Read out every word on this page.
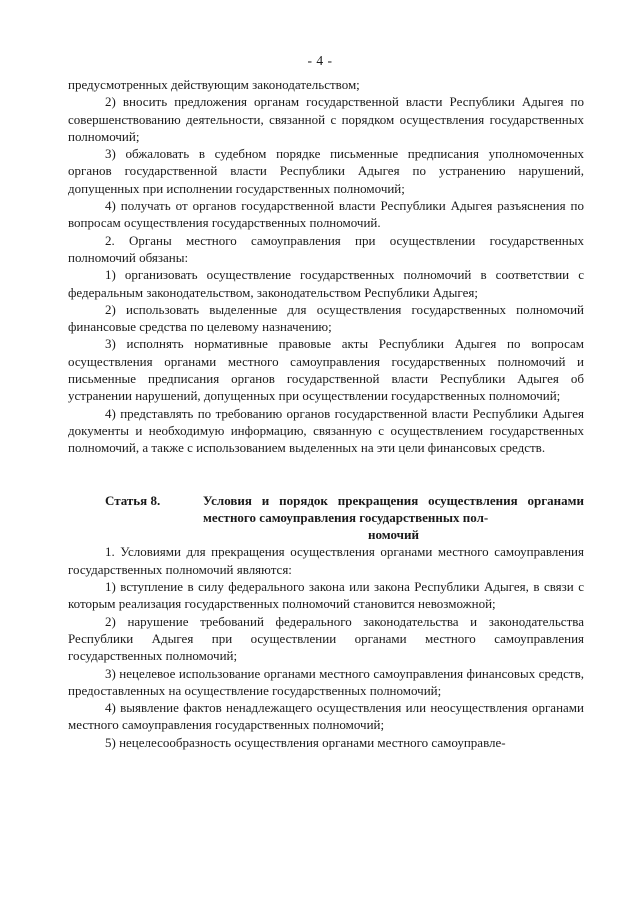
- 4 -

предусмотренных действующим законодательством;

2) вносить предложения органам государственной власти Республики Адыгея по совершенствованию деятельности, связанной с порядком осуществления государственных полномочий;

3) обжаловать в судебном порядке письменные предписания уполномоченных органов государственной власти Республики Адыгея по устранению нарушений, допущенных при исполнении государственных полномочий;

4) получать от органов государственной власти Республики Адыгея разъяснения по вопросам осуществления государственных полномочий.

2. Органы местного самоуправления при осуществлении государственных полномочий обязаны:

1) организовать осуществление государственных полномочий в соответствии с федеральным законодательством, законодательством Республики Адыгея;

2) использовать выделенные для осуществления государственных полномочий финансовые средства по целевому назначению;

3) исполнять нормативные правовые акты Республики Адыгея по вопросам осуществления органами местного самоуправления государственных полномочий и письменные предписания органов государственной власти Республики Адыгея об устранении нарушений, допущенных при осуществлении государственных полномочий;

4) представлять по требованию органов государственной власти Республики Адыгея документы и необходимую информацию, связанную с осуществлением государственных полномочий, а также с использованием выделенных на эти цели финансовых средств.

Статья 8.	Условия и порядок прекращения осуществления органами местного самоуправления государственных пол-
номочий

1. Условиями для прекращения осуществления органами местного самоуправления государственных полномочий являются:

1) вступление в силу федерального закона или закона Республики Адыгея, в связи с которым реализация государственных полномочий становится невозможной;

2) нарушение требований федерального законодательства и законодательства Республики Адыгея при осуществлении органами местного самоуправления государственных полномочий;

3) нецелевое использование органами местного самоуправления финансовых средств, предоставленных на осуществление государственных полномочий;

4) выявление фактов ненадлежащего осуществления или неосуществления органами местного самоуправления государственных полномочий;

5) нецелесообразность осуществления органами местного самоуправле-
